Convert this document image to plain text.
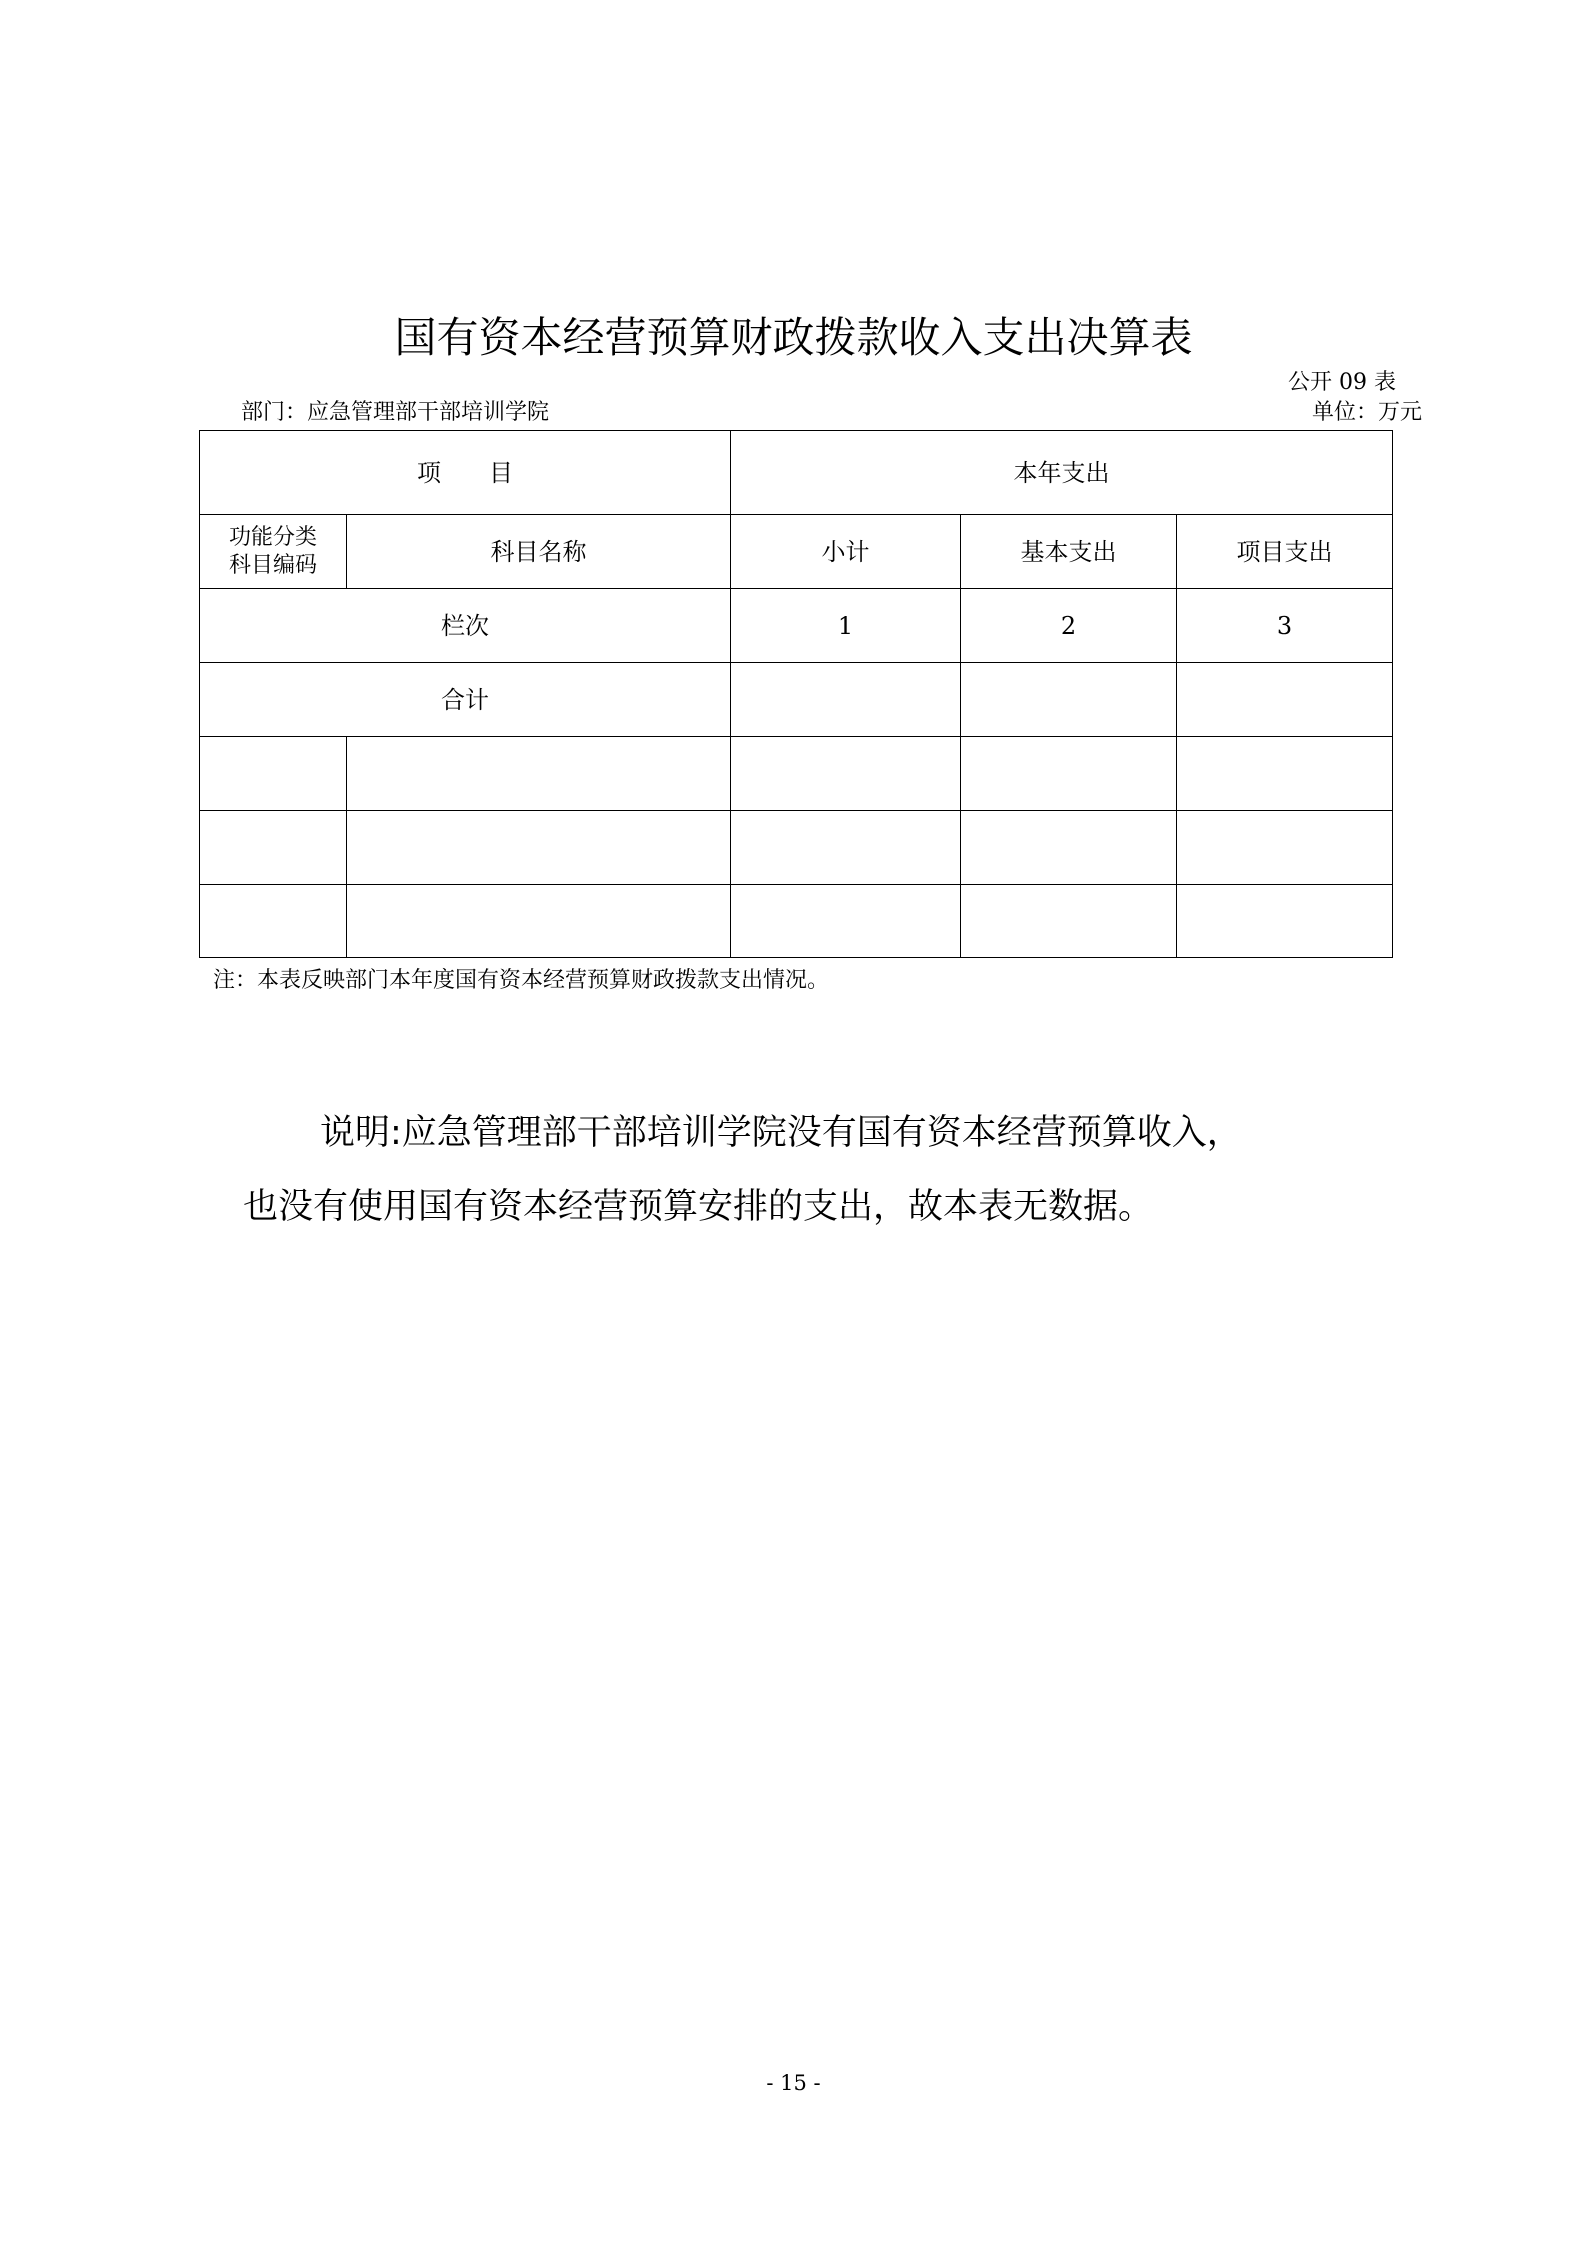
国有资本经营预算财政拨款收入支出决算表
公开 09 表
部门：应急管理部干部培训学院	单位：万元
项　　目		本年支出		

功能分类
科目编码	科目名称	小计	基本支出	项目支出
栏次		1	2	3
合计				

注：本表反映部门本年度国有资本经营预算财政拨款支出情况。
说明:应急管理部干部培训学院没有国有资本经营预算收入，
也没有使用国有资本经营预算安排的支出，故本表无数据。
- 15 -
